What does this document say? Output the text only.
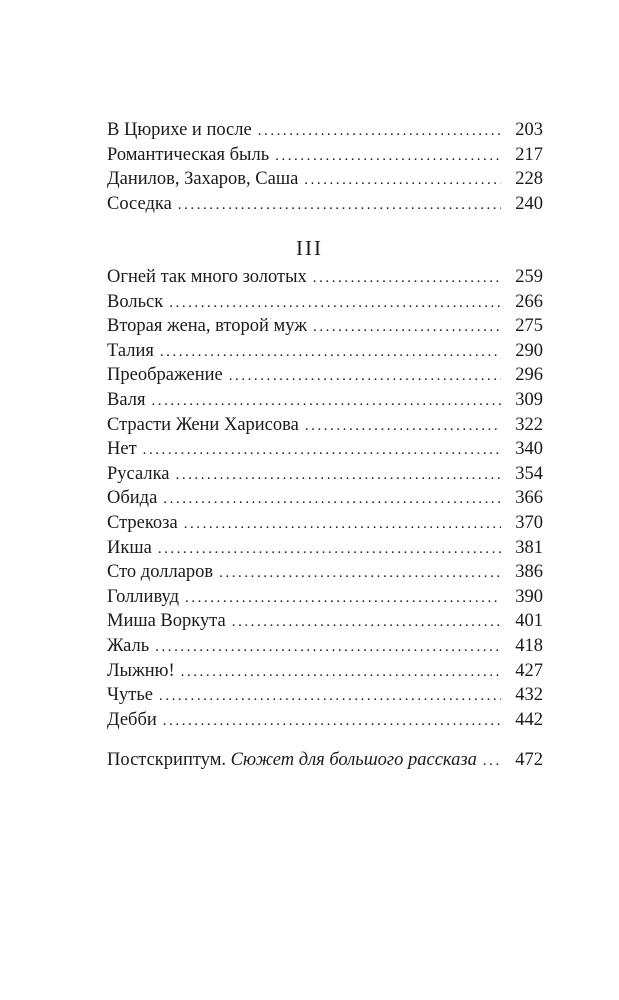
В Цюрихе и после . . .	203
Романтическая быль . . .	217
Данилов, Захаров, Саша . . .	228
Соседка . . .	240
III
Огней так много золотых . . .	259
Вольск . . .	266
Вторая жена, второй муж . . .	275
Талия . . .	290
Преображение . . .	296
Валя . . .	309
Страсти Жени Харисова . . .	322
Нет . . .	340
Русалка . . .	354
Обида . . .	366
Стрекоза . . .	370
Икша . . .	381
Сто долларов . . .	386
Голливуд . . .	390
Миша Воркута . . .	401
Жаль . . .	418
Лыжню! . . .	427
Чутье . . .	432
Дебби . . .	442
Постскриптум. Сюжет для большого рассказа . . .	472
